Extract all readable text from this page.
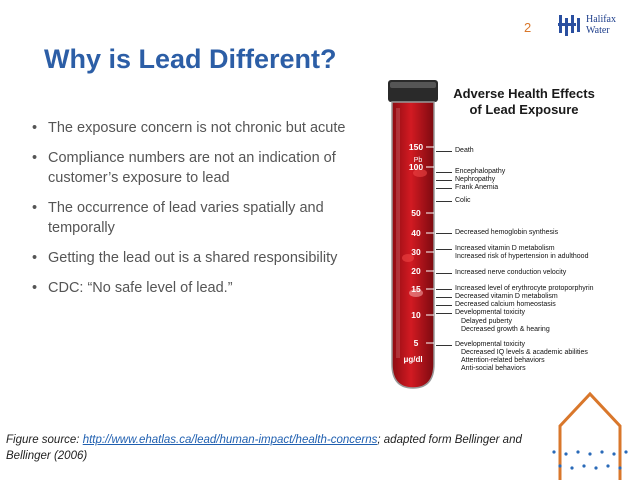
2
Halifax
Water
Why is Lead Different?
• The exposure concern is not chronic but acute
• Compliance numbers are not an indication of customer’s exposure to lead
• The occurrence of lead varies spatially and temporally
• Getting the lead out is a shared responsibility
• CDC: “No safe level of lead.”
Adverse Health Effects
of Lead Exposure
150
100
50
40
30
20
15
10
5
Pb
μg/dl
Death
Encephalopathy
Nephropathy
Frank Anemia
Colic
Decreased hemoglobin synthesis
Increased vitamin D metabolism
Increased risk of hypertension in adulthood
Increased nerve conduction velocity
Increased level of erythrocyte protoporphyrin
Decreased vitamin D metabolism
Decreased calcium homeostasis
Developmental toxicity
Delayed puberty
Decreased growth & hearing
Developmental toxicity
Decreased IQ levels & academic abilities
Attention-related behaviors
Anti-social behaviors
Figure source: http://www.ehatlas.ca/lead/human-impact/health-concerns; adapted form Bellinger and Bellinger (2006)
